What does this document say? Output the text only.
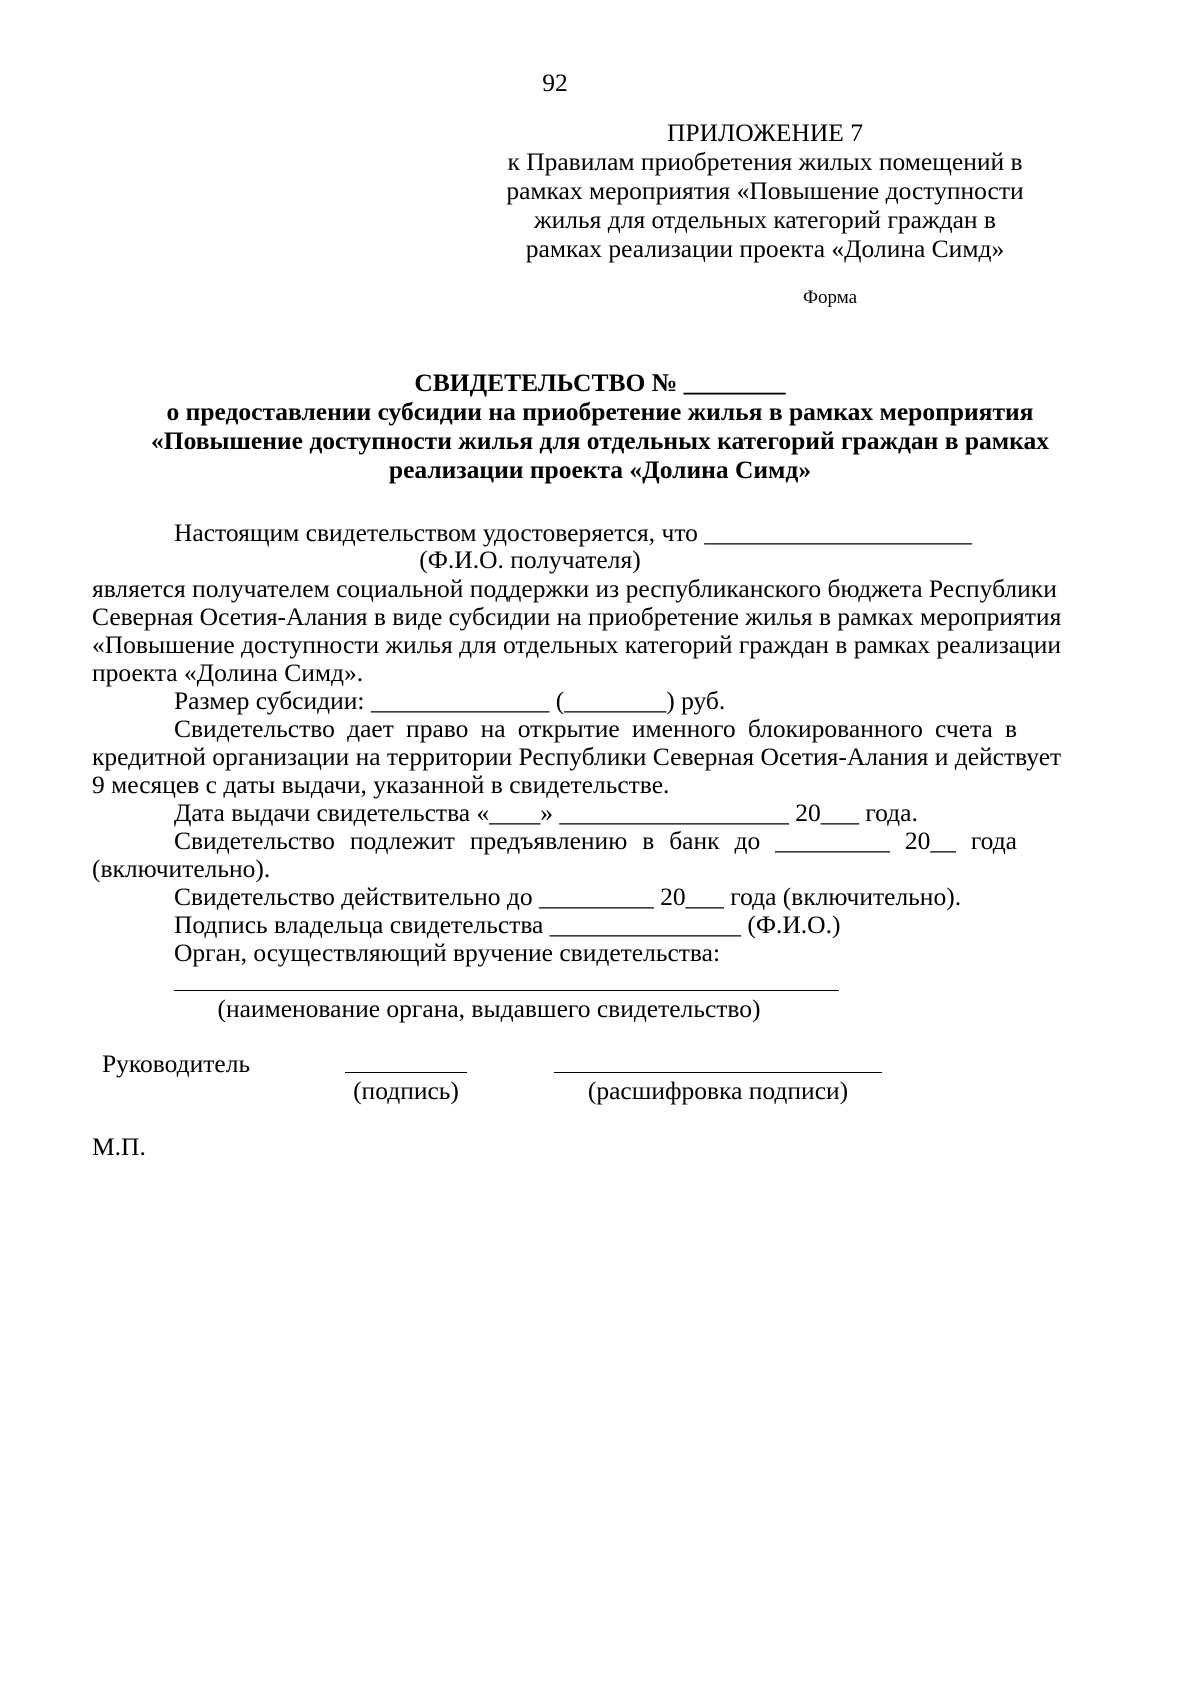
92
ПРИЛОЖЕНИЕ 7
к Правилам приобретения жилых помещений в
рамках мероприятия «Повышение доступности
жилья для отдельных категорий граждан в
рамках реализации проекта «Долина Симд»
Форма
СВИДЕТЕЛЬСТВО № ________
о предоставлении субсидии на приобретение жилья в рамках мероприятия
«Повышение доступности жилья для отдельных категорий граждан в рамках
реализации проекта «Долина Симд»
Настоящим свидетельством удостоверяется, что _____________________
(Ф.И.О. получателя)
является получателем социальной поддержки из республиканского бюджета Республики
Северная Осетия-Алания в виде субсидии на приобретение жилья в рамках мероприятия
«Повышение доступности жилья для отдельных категорий граждан в рамках реализации
проекта «Долина Симд».
Размер субсидии: ______________ (________) руб.
Свидетельство дает право на открытие именного блокированного счета в
кредитной организации на территории Республики Северная Осетия-Алания и действует
9 месяцев с даты выдачи, указанной в свидетельстве.
Дата выдачи свидетельства «____» __________________ 20___ года.
Свидетельство подлежит предъявлению в банк до _________ 20__ года
(включительно).
Свидетельство действительно до _________ 20___ года (включительно).
Подпись владельца свидетельства _______________ (Ф.И.О.)
Орган, осуществляющий вручение свидетельства:
(наименование органа, выдавшего свидетельство)
Руководитель
(подпись)	(расшифровка подписи)
М.П.
